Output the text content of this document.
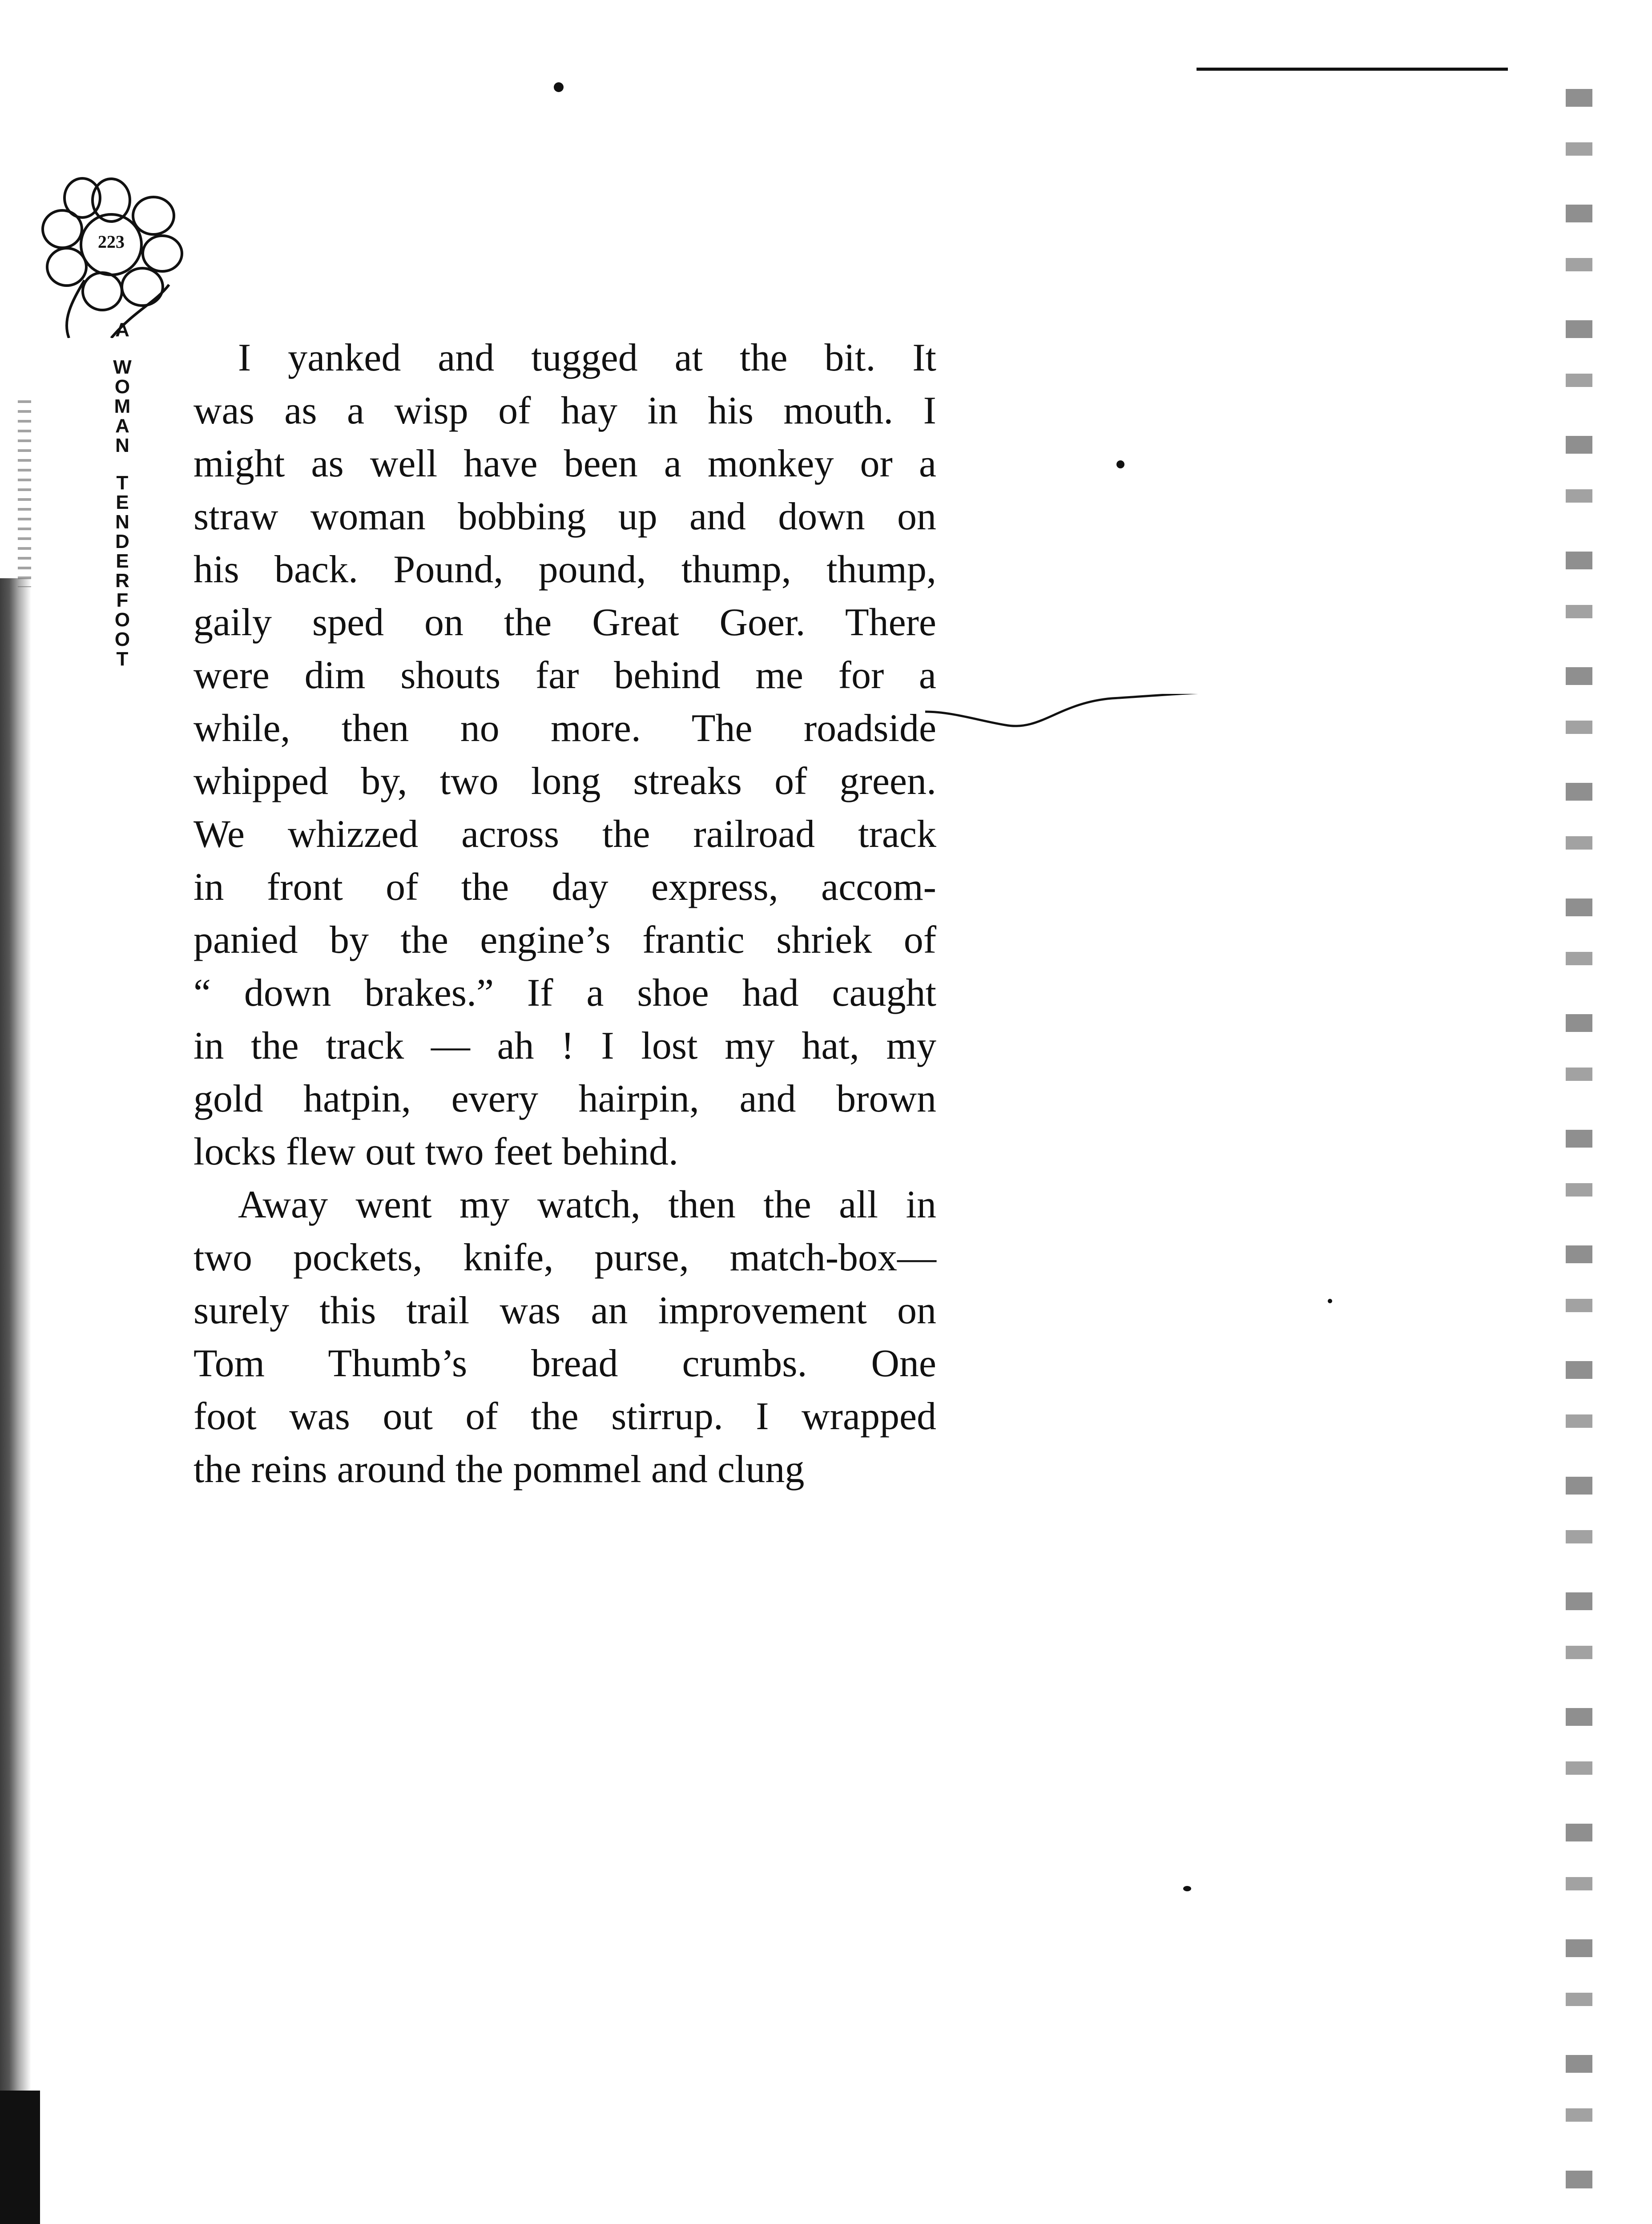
223
A
W
O
M
A
N
T
E
N
D
E
R
F
O
O
T

I yanked and tugged at the bit. It
was as a wisp of hay in his mouth. I
might as well have been a monkey or a
straw woman bobbing up and down on
his back. Pound, pound, thump, thump,
gaily sped on the Great Goer. There
were dim shouts far behind me for a
while, then no more. The roadside
whipped by, two long streaks of green.
We whizzed across the railroad track
in front of the day express, accom-
panied by the engine’s frantic shriek of
“ down brakes.” If a shoe had caught
in the track — ah ! I lost my hat, my
gold hatpin, every hairpin, and brown
locks flew out two feet behind.

Away went my watch, then the all in
two pockets, knife, purse, match-box—
surely this trail was an improvement on
Tom Thumb’s bread crumbs. One
foot was out of the stirrup. I wrapped
the reins around the pommel and clung
